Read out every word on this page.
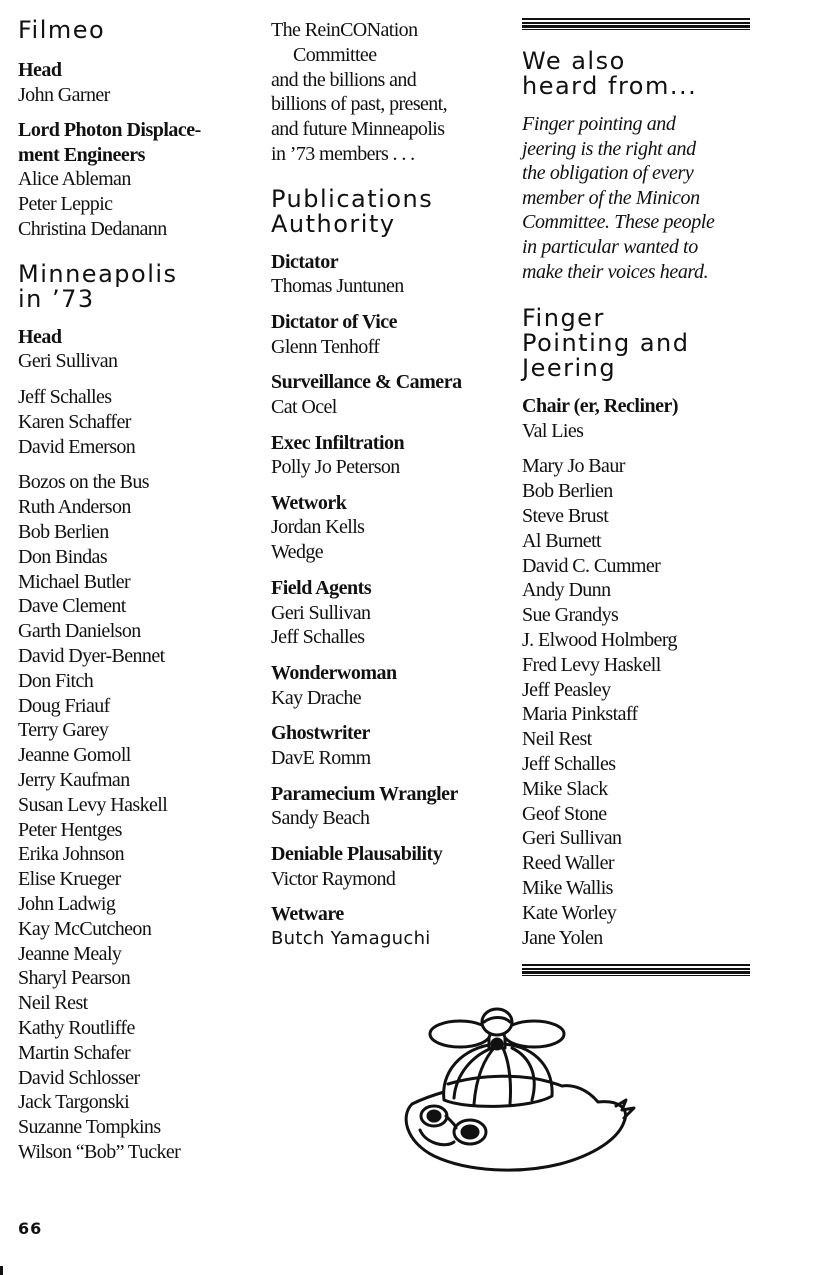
Filmeo
Head
John Garner
Lord Photon Displace-
ment Engineers
Alice Ableman
Peter Leppic
Christina Dedanann
Minneapolis
in ’73
Head
Geri Sullivan
Jeff Schalles
Karen Schaffer
David Emerson
Bozos on the Bus
Ruth Anderson
Bob Berlien
Don Bindas
Michael Butler
Dave Clement
Garth Danielson
David Dyer-Bennet
Don Fitch
Doug Friauf
Terry Garey
Jeanne Gomoll
Jerry Kaufman
Susan Levy Haskell
Peter Hentges
Erika Johnson
Elise Krueger
John Ladwig
Kay McCutcheon
Jeanne Mealy
Sharyl Pearson
Neil Rest
Kathy Routliffe
Martin Schafer
David Schlosser
Jack Targonski
Suzanne Tompkins
Wilson “Bob” Tucker
The ReinCONation
Committee
and the billions and
billions of past, present,
and future Minneapolis
in ’73 members . . .
Publications
Authority
Dictator
Thomas Juntunen
Dictator of Vice
Glenn Tenhoff
Surveillance & Camera
Cat Ocel
Exec Infiltration
Polly Jo Peterson
Wetwork
Jordan Kells
Wedge
Field Agents
Geri Sullivan
Jeff Schalles
Wonderwoman
Kay Drache
Ghostwriter
DavE Romm
Paramecium Wrangler
Sandy Beach
Deniable Plausability
Victor Raymond
Wetware
Butch Yamaguchi
We also
heard from...
Finger pointing and
jeering is the right and
the obligation of every
member of the Minicon
Committee. These people
in particular wanted to
make their voices heard.
Finger
Pointing and
Jeering
Chair (er, Recliner)
Val Lies
Mary Jo Baur
Bob Berlien
Steve Brust
Al Burnett
David C. Cummer
Andy Dunn
Sue Grandys
J. Elwood Holmberg
Fred Levy Haskell
Jeff Peasley
Maria Pinkstaff
Neil Rest
Jeff Schalles
Mike Slack
Geof Stone
Geri Sullivan
Reed Waller
Mike Wallis
Kate Worley
Jane Yolen
66
